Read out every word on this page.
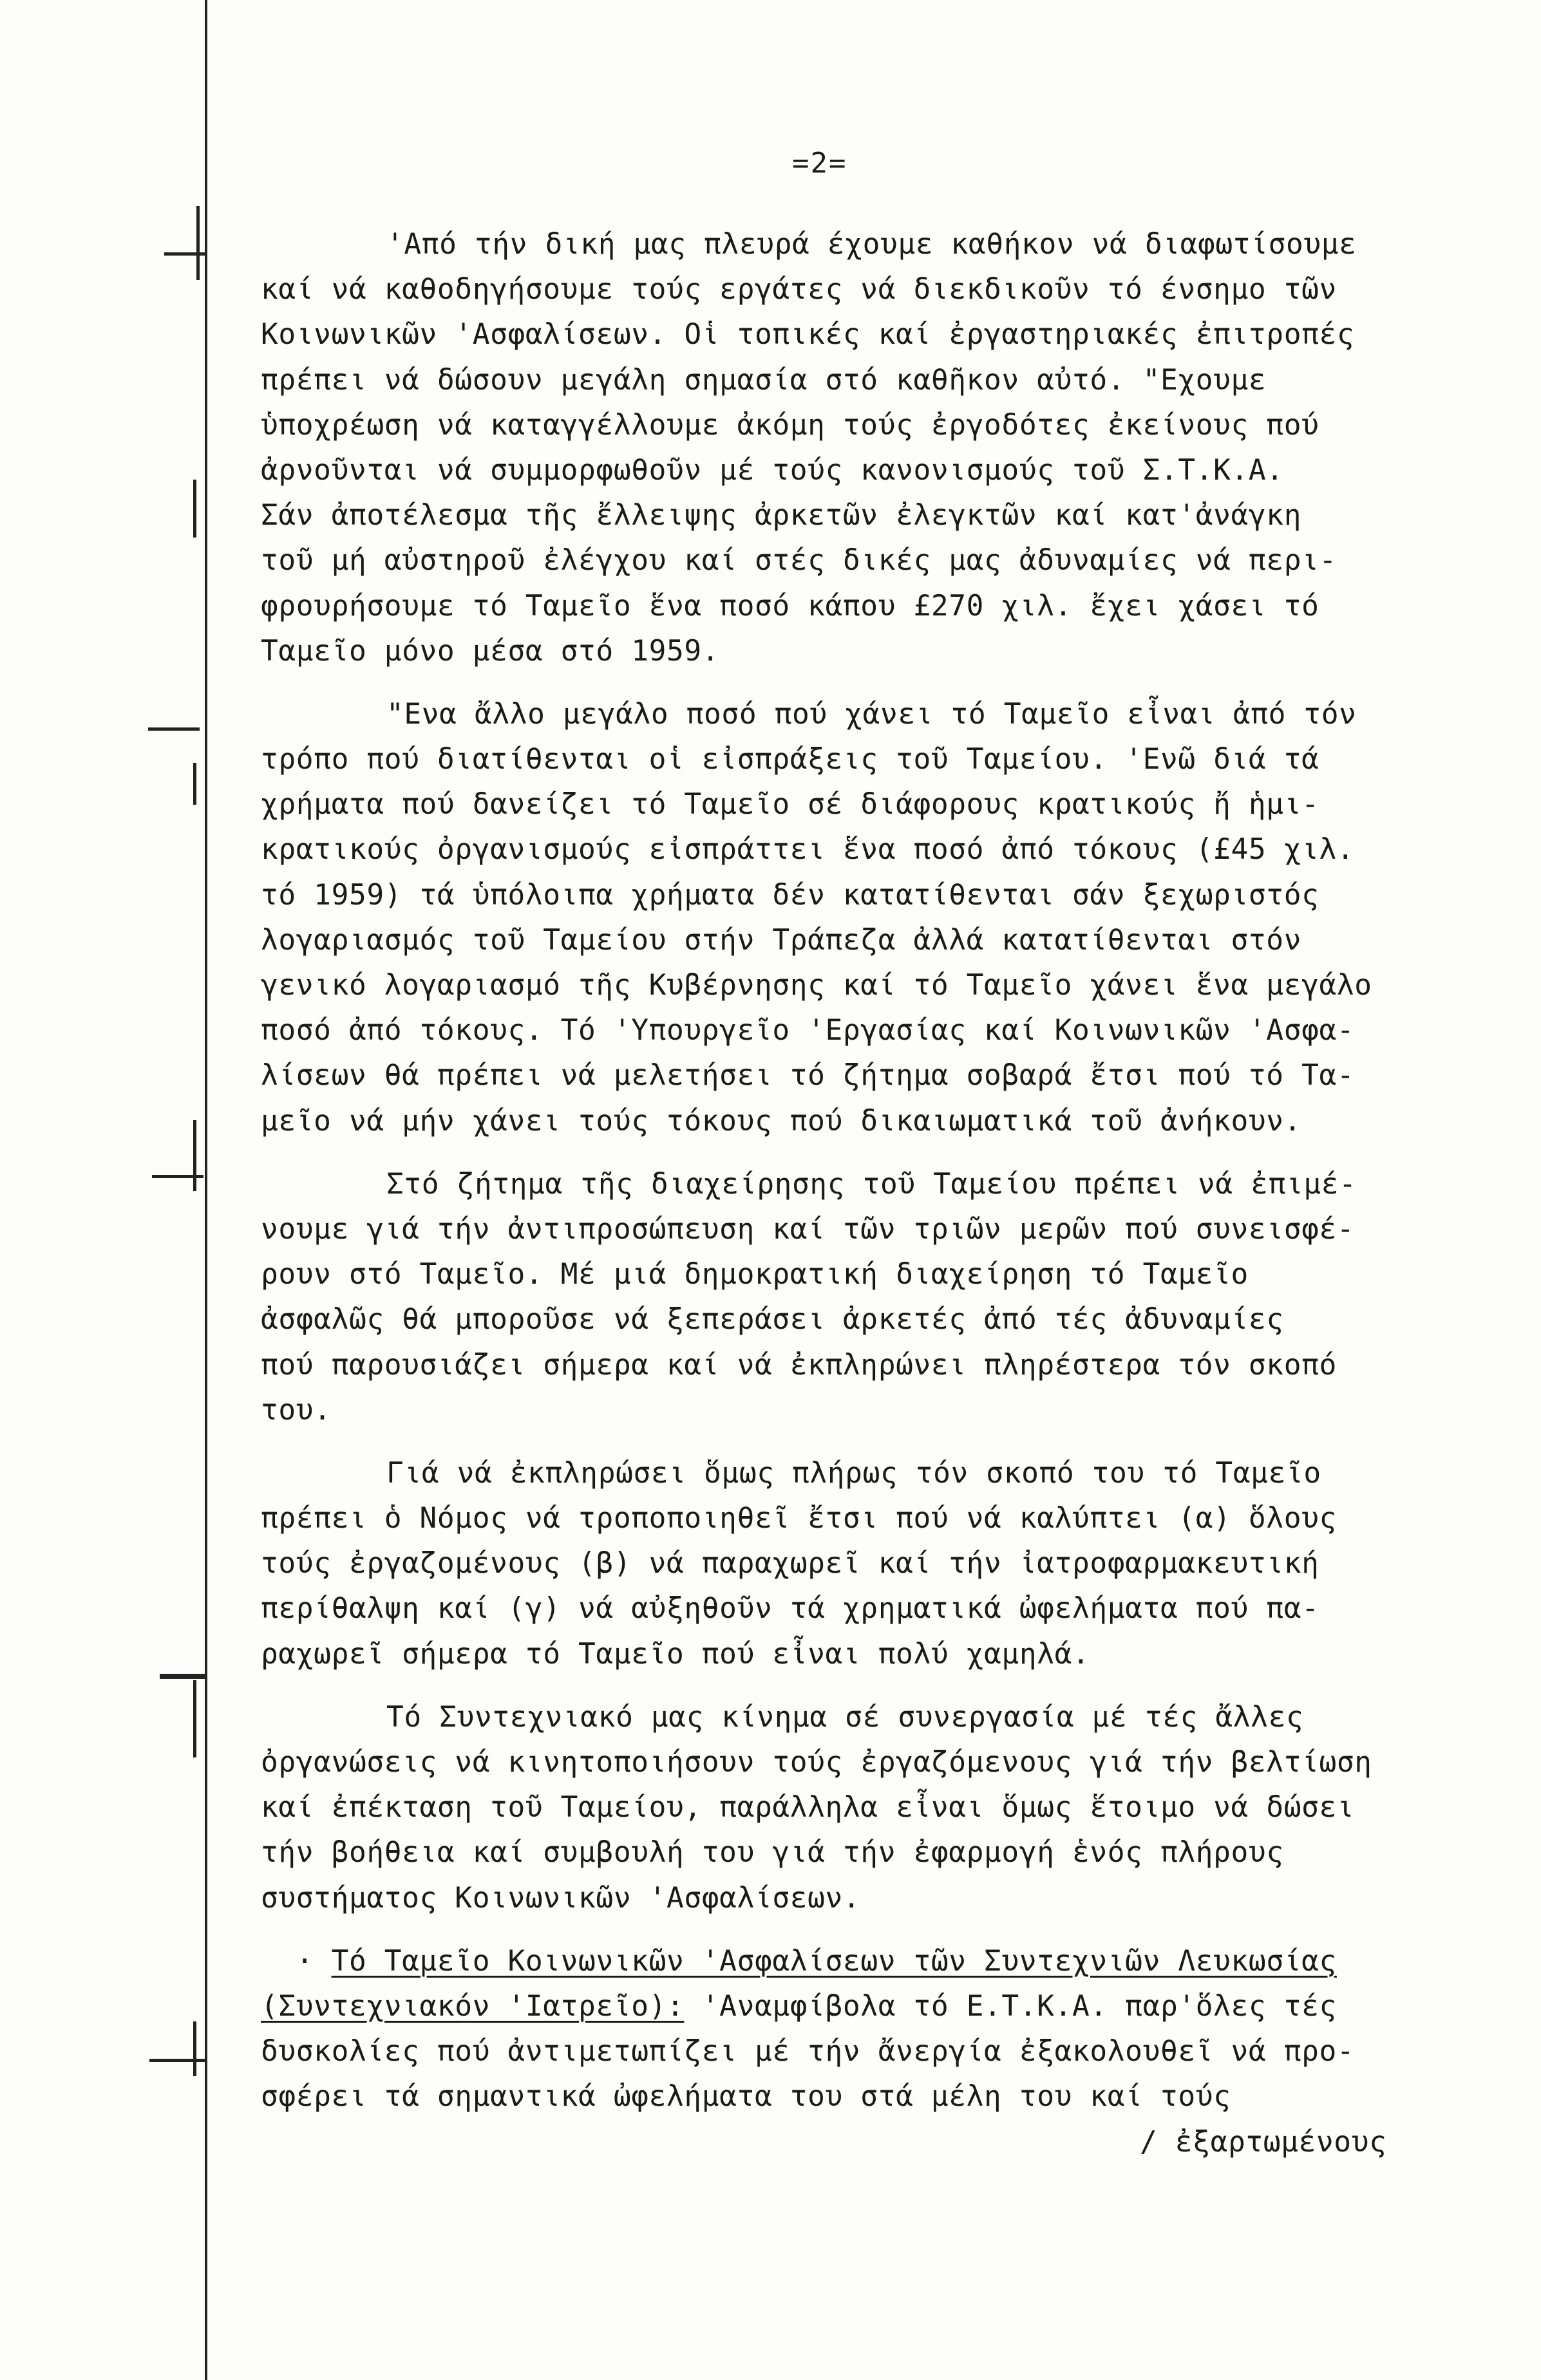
=2=
'Από τήν δική μας πλευρά έχουμε καθήκον νά διαφωτίσουμε
καί νά καθοδηγήσουμε τούς εργάτες νά διεκδικοῦν τό ένσημο τῶν
Κοινωνικῶν 'Ασφαλίσεων. Οἱ τοπικές καί ἐργαστηριακές ἐπιτροπές
πρέπει νά δώσουν μεγάλη σημασία στό καθῆκον αὐτό. "Εχουμε
ὑποχρέωση νά καταγγέλλουμε ἀκόμη τούς ἐργοδότες ἐκείνους πού
ἀρνοῦνται νά συμμορφωθοῦν μέ τούς κανονισμούς τοῦ Σ.Τ.Κ.Α.
Σάν ἀποτέλεσμα τῆς ἔλλειψης ἀρκετῶν ἐλεγκτῶν καί κατ'ἀνάγκη
τοῦ μή αὐστηροῦ ἐλέγχου καί στές δικές μας ἀδυναμίες νά περι-
φρουρήσουμε τό Ταμεῖο ἕνα ποσό κάπου £270 χιλ. ἔχει χάσει τό
Ταμεῖο μόνο μέσα στό 1959.
"Ενα ἄλλο μεγάλο ποσό πού χάνει τό Ταμεῖο εἶναι ἀπό τόν
τρόπο πού διατίθενται οἱ εἰσπράξεις τοῦ Ταμείου. 'Ενῶ διά τά
χρήματα πού δανείζει τό Ταμεῖο σέ διάφορους κρατικούς ἤ ἡμι-
κρατικούς ὀργανισμούς εἰσπράττει ἕνα ποσό ἀπό τόκους (£45 χιλ.
τό 1959) τά ὑπόλοιπα χρήματα δέν κατατίθενται σάν ξεχωριστός
λογαριασμός τοῦ Ταμείου στήν Τράπεζα ἀλλά κατατίθενται στόν
γενικό λογαριασμό τῆς Κυβέρνησης καί τό Ταμεῖο χάνει ἕνα μεγάλο
ποσό ἀπό τόκους. Τό 'Υπουργεῖο 'Εργασίας καί Κοινωνικῶν 'Ασφα-
λίσεων θά πρέπει νά μελετήσει τό ζήτημα σοβαρά ἔτσι πού τό Τα-
μεῖο νά μήν χάνει τούς τόκους πού δικαιωματικά τοῦ ἀνήκουν.
Στό ζήτημα τῆς διαχείρησης τοῦ Ταμείου πρέπει νά ἐπιμέ-
νουμε γιά τήν ἀντιπροσώπευση καί τῶν τριῶν μερῶν πού συνεισφέ-
ρουν στό Ταμεῖο. Μέ μιά δημοκρατική διαχείρηση τό Ταμεῖο
ἀσφαλῶς θά μποροῦσε νά ξεπεράσει ἀρκετές ἀπό τές ἀδυναμίες
πού παρουσιάζει σήμερα καί νά ἐκπληρώνει πληρέστερα τόν σκοπό
του.
Γιά νά ἐκπληρώσει ὅμως πλήρως τόν σκοπό του τό Ταμεῖο
πρέπει ὁ Νόμος νά τροποποιηθεῖ ἔτσι πού νά καλύπτει (α) ὅλους
τούς ἐργαζομένους (β) νά παραχωρεῖ καί τήν ἰατροφαρμακευτική
περίθαλψη καί (γ) νά αὐξηθοῦν τά χρηματικά ὠφελήματα πού πα-
ραχωρεῖ σήμερα τό Ταμεῖο πού εἶναι πολύ χαμηλά.
Τό Συντεχνιακό μας κίνημα σέ συνεργασία μέ τές ἄλλες
ὀργανώσεις νά κινητοποιήσουν τούς ἐργαζόμενους γιά τήν βελτίωση
καί ἐπέκταση τοῦ Ταμείου, παράλληλα εἶναι ὅμως ἕτοιμο νά δώσει
τήν βοήθεια καί συμβουλή του γιά τήν ἐφαρμογή ἑνός πλήρους
συστήματος Κοινωνικῶν 'Ασφαλίσεων.
· Τό Ταμεῖο Κοινωνικῶν 'Ασφαλίσεων τῶν Συντεχνιῶν Λευκωσίας
(Συντεχνιακόν 'Ιατρεῖο): 'Αναμφίβολα τό Ε.Τ.Κ.Α. παρ'ὅλες τές
δυσκολίες πού ἀντιμετωπίζει μέ τήν ἄνεργία ἐξακολουθεῖ νά προ-
σφέρει τά σημαντικά ὠφελήματα του στά μέλη του καί τούς
/ ἐξαρτωμένους
